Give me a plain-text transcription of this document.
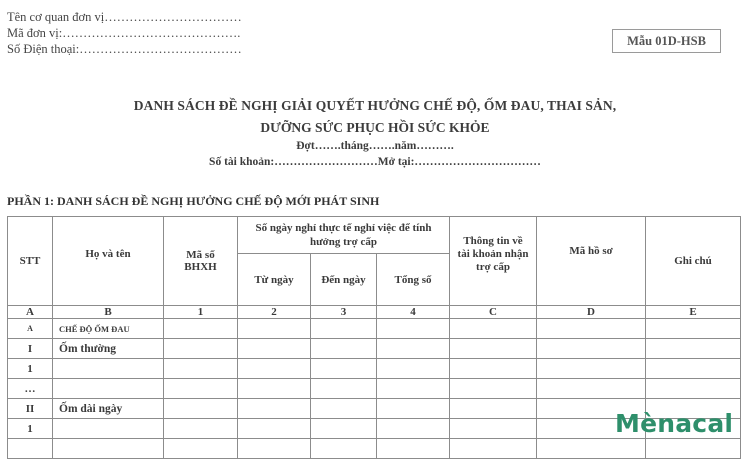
Tên cơ quan đơn vị……………………………
Mã đơn vị:…………………………………….
Số Điện thoại:…………………………………
Mẫu 01D-HSB
DANH SÁCH ĐỀ NGHỊ GIẢI QUYẾT HƯỞNG CHẾ ĐỘ, ỐM ĐAU, THAI SẢN,
DƯỠNG SỨC PHỤC HỒI SỨC KHỎE
Đợt…….tháng…….năm……….
Số tài khoản:………………………Mở tại:……………………………
PHẦN 1: DANH SÁCH ĐỀ NGHỊ HƯỞNG CHẾ ĐỘ MỚI PHÁT SINH
STT	Họ và tên	Mã số BHXH	Số ngày nghỉ thực tế nghỉ việc để tính hưởng trợ cấp			Thông tin về tài khoản nhận trợ cấp	Mã hồ sơ	Ghi chú
			Từ ngày	Đến ngày	Tổng số			
A	B	1	2	3	4	C	D	E
A	CHẾ ĐỘ ỐM ĐAU							
I	Ốm thường							
1								
…								
II	Ốm dài ngày							
1								
									Mènacal
